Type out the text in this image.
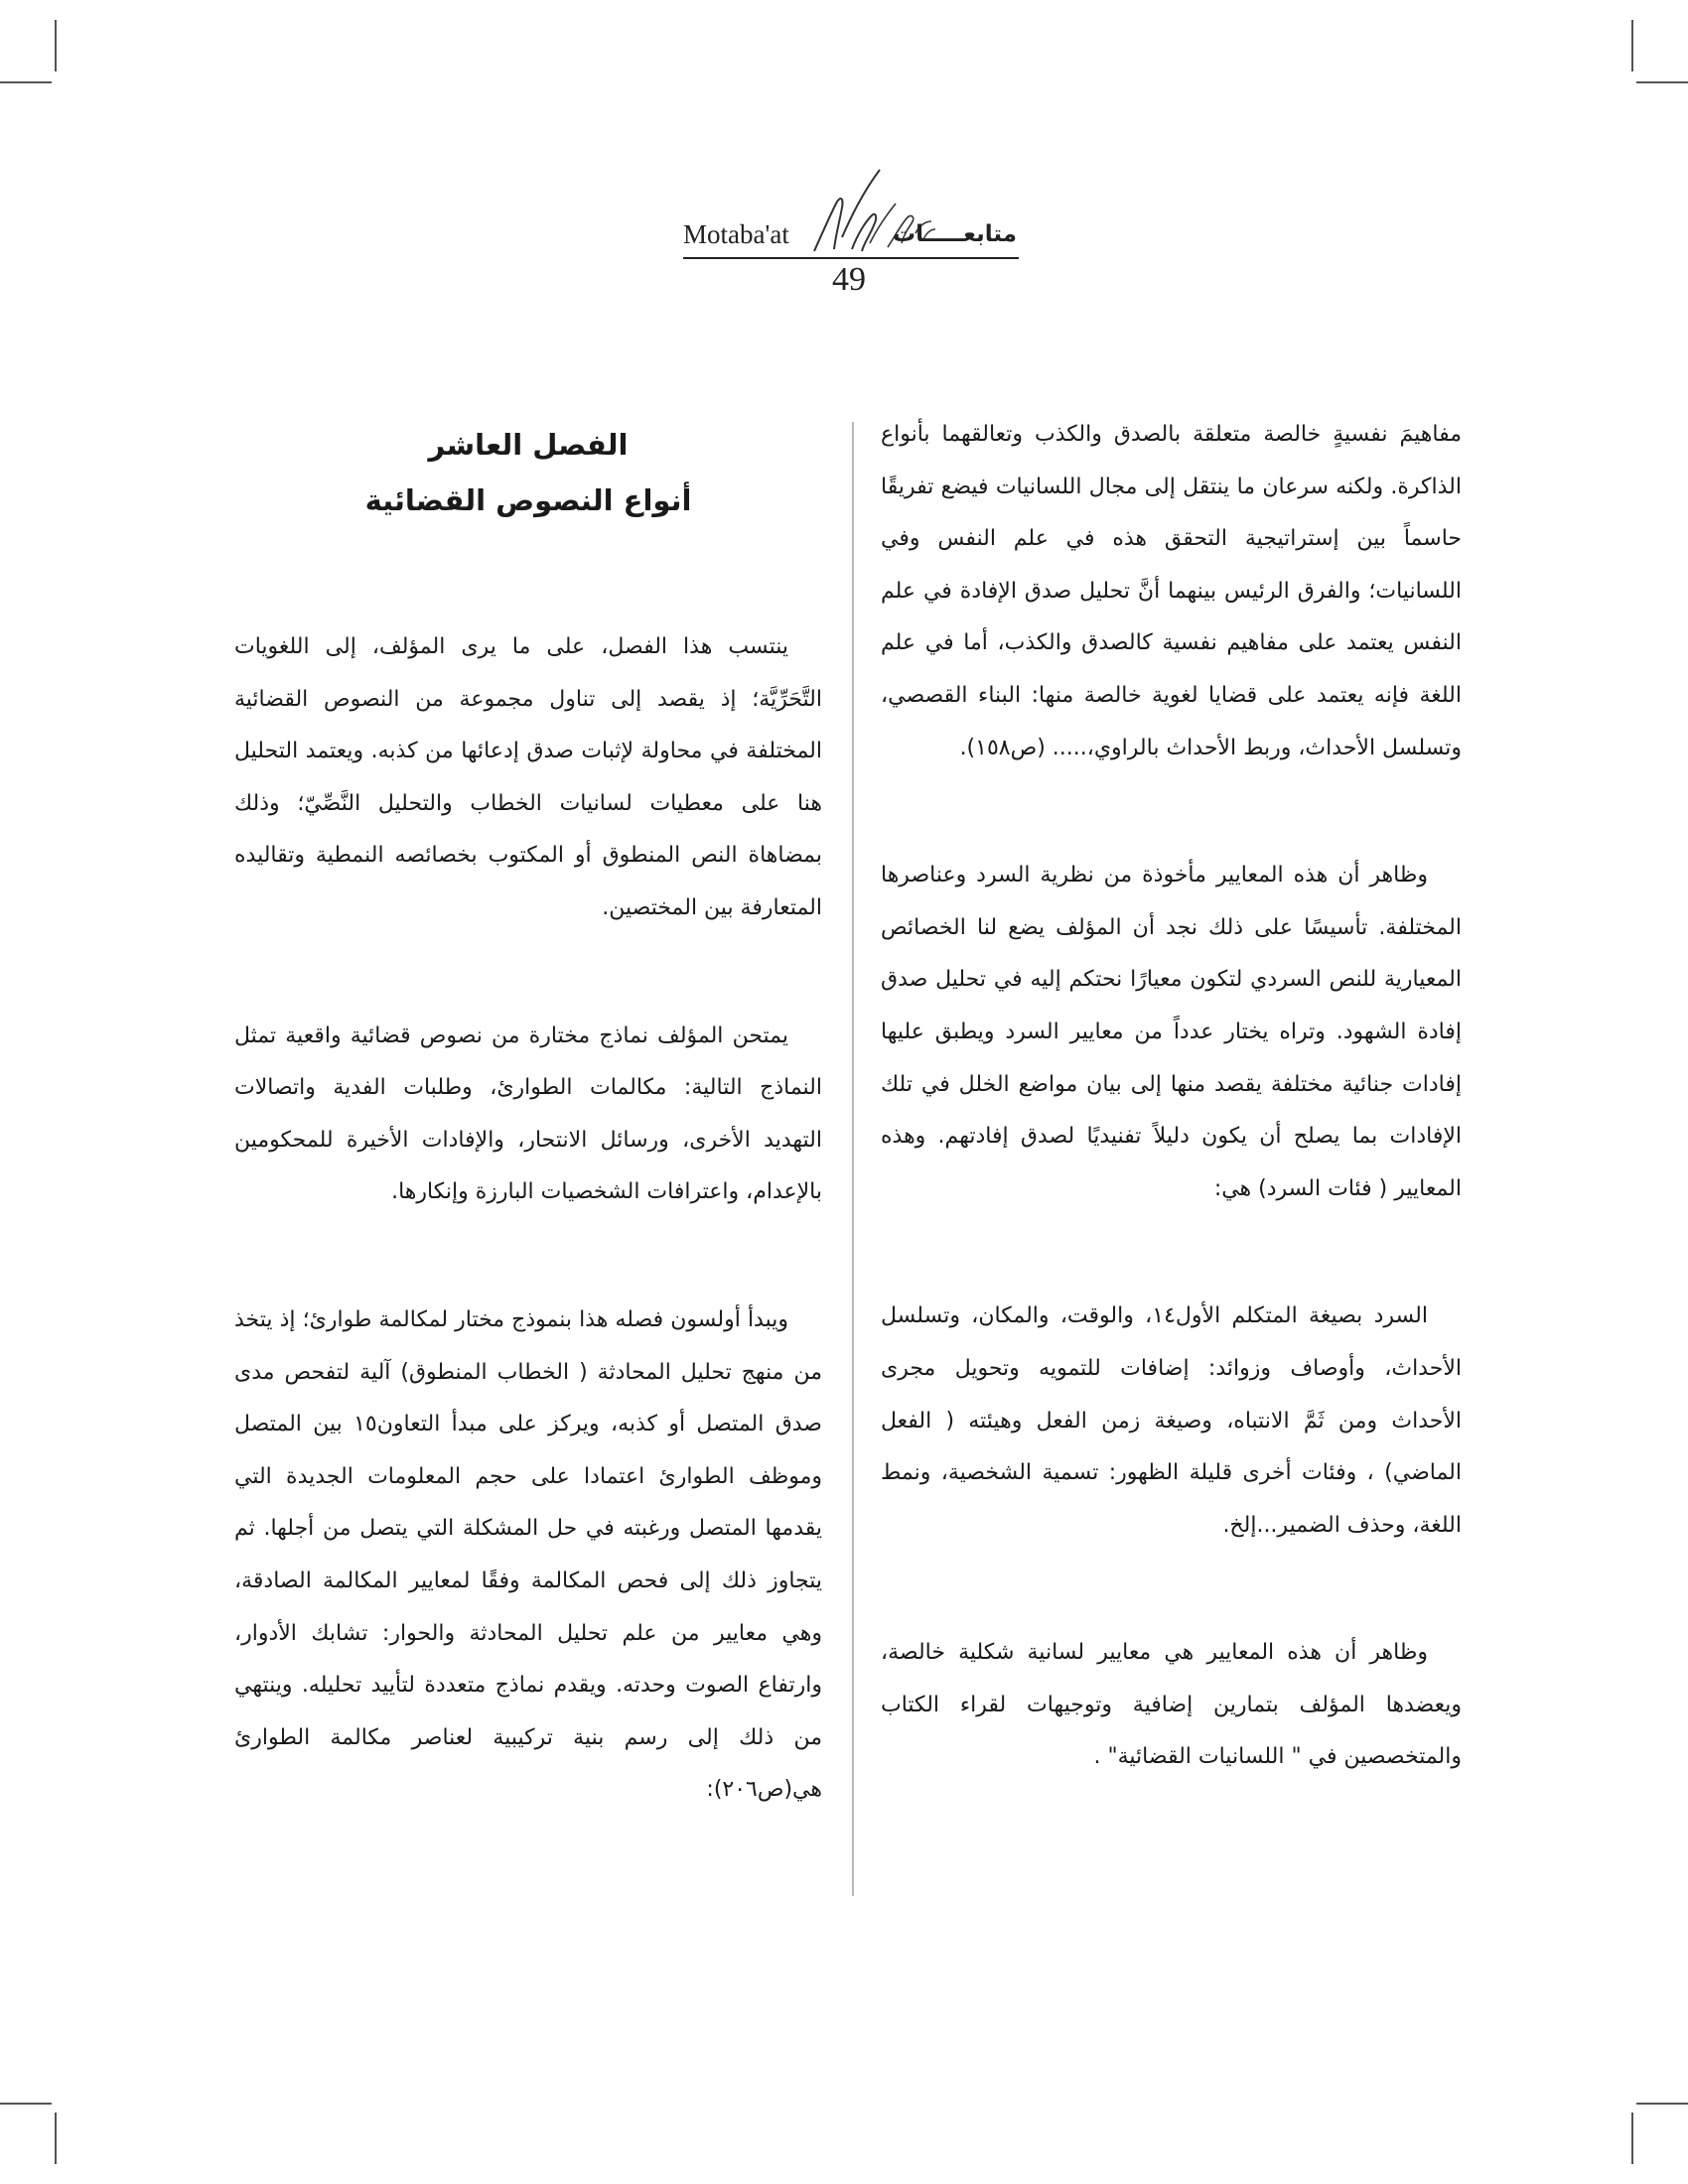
Motaba'at	متابعـــــات
49

مفاهيمَ نفسيةٍ خالصة متعلقة بالصدق والكذب وتعالقهما بأنواع الذاكرة. ولكنه سرعان ما ينتقل إلى مجال اللسانيات فيضع تفريقًا حاسماً بين إستراتيجية التحقق هذه في علم النفس وفي اللسانيات؛ والفرق الرئيس بينهما أنَّ تحليل صدق الإفادة في علم النفس يعتمد على مفاهيم نفسية كالصدق والكذب، أما في علم اللغة فإنه يعتمد على قضايا لغوية خالصة منها: البناء القصصي، وتسلسل الأحداث، وربط الأحداث بالراوي،..... (ص١٥٨).

وظاهر أن هذه المعايير مأخوذة من نظرية السرد وعناصرها المختلفة. تأسيسًا على ذلك نجد أن المؤلف يضع لنا الخصائص المعيارية للنص السردي لتكون معيارًا نحتكم إليه في تحليل صدق إفادة الشهود. وتراه يختار عدداً من معايير السرد ويطبق عليها إفادات جنائية مختلفة يقصد منها إلى بيان مواضع الخلل في تلك الإفادات بما يصلح أن يكون دليلاً تفنيديًا لصدق إفادتهم. وهذه المعايير ( فئات السرد) هي:

السرد بصيغة المتكلم الأول١٤، والوقت، والمكان، وتسلسل الأحداث، وأوصاف وزوائد: إضافات للتمويه وتحويل مجرى الأحداث ومن ثَمَّ الانتباه، وصيغة زمن الفعل وهيئته ( الفعل الماضي) ، وفئات أخرى قليلة الظهور: تسمية الشخصية، ونمط اللغة، وحذف الضمير...إلخ.

وظاهر أن هذه المعايير هي معايير لسانية شكلية خالصة، ويعضدها المؤلف بتمارين إضافية وتوجيهات لقراء الكتاب والمتخصصين في " اللسانيات القضائية" .

الفصل العاشر
أنواع النصوص القضائية

ينتسب هذا الفصل، على ما يرى المؤلف، إلى اللغويات التَّحَرِّيَّة؛ إذ يقصد إلى تناول مجموعة من النصوص القضائية المختلفة في محاولة لإثبات صدق إدعائها من كذبه. ويعتمد التحليل هنا على معطيات لسانيات الخطاب والتحليل النَّصِّيّ؛ وذلك بمضاهاة النص المنطوق أو المكتوب بخصائصه النمطية وتقاليده المتعارفة بين المختصين.

يمتحن المؤلف نماذج مختارة من نصوص قضائية واقعية تمثل النماذج التالية: مكالمات الطوارئ، وطلبات الفدية واتصالات التهديد الأخرى، ورسائل الانتحار، والإفادات الأخيرة للمحكومين بالإعدام، واعترافات الشخصيات البارزة وإنكارها.

ويبدأ أولسون فصله هذا بنموذج مختار لمكالمة طوارئ؛ إذ يتخذ من منهج تحليل المحادثة ( الخطاب المنطوق) آلية لتفحص مدى صدق المتصل أو كذبه، ويركز على مبدأ التعاون١٥ بين المتصل وموظف الطوارئ اعتمادا على حجم المعلومات الجديدة التي يقدمها المتصل ورغبته في حل المشكلة التي يتصل من أجلها. ثم يتجاوز ذلك إلى فحص المكالمة وفقًا لمعايير المكالمة الصادقة، وهي معايير من علم تحليل المحادثة والحوار: تشابك الأدوار، وارتفاع الصوت وحدته. ويقدم نماذج متعددة لتأييد تحليله. وينتهي من ذلك إلى رسم بنية تركيبية لعناصر مكالمة الطوارئ هي(ص٢٠٦):
